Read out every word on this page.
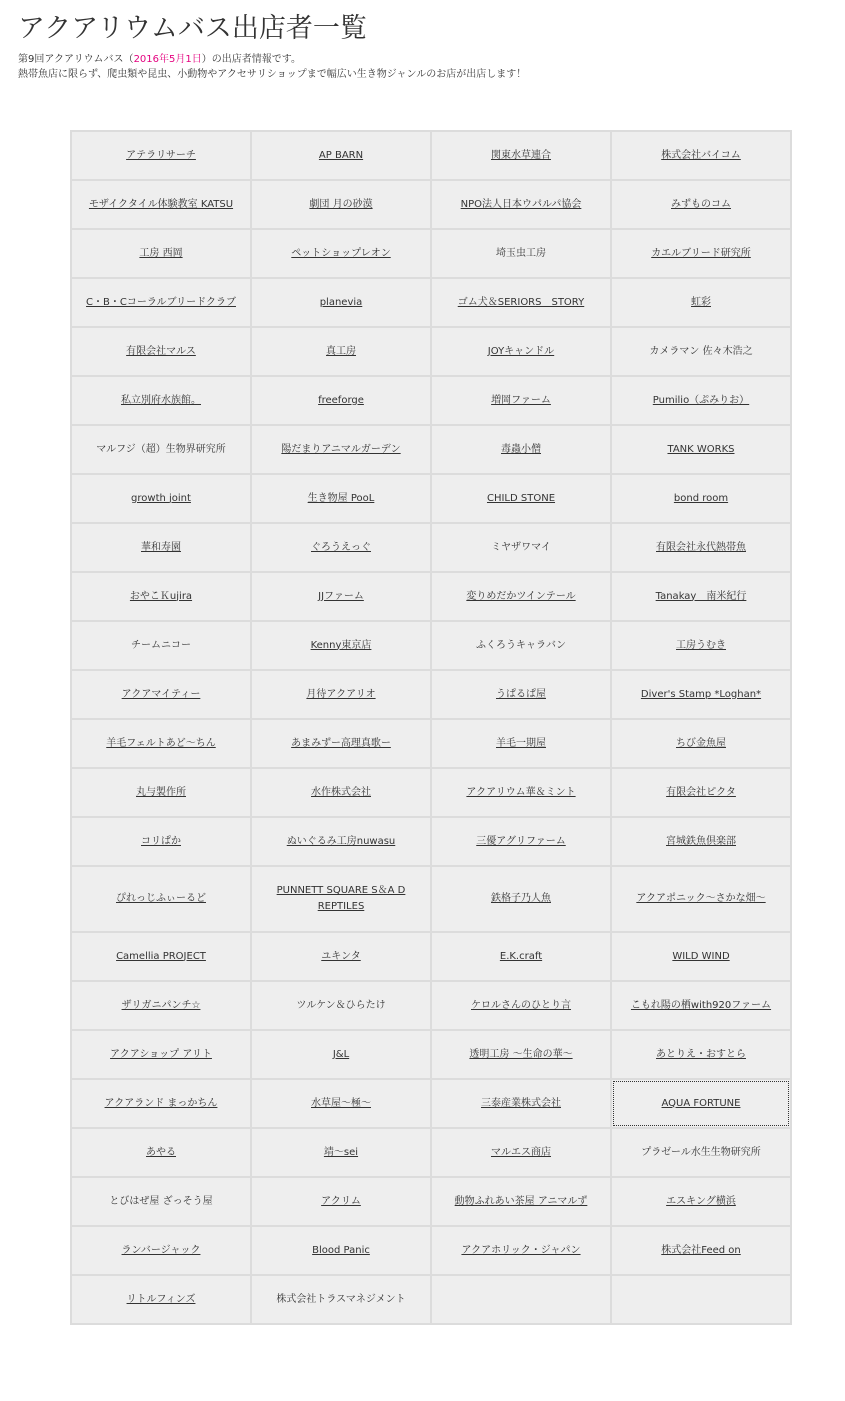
アクアリウムバス出店者一覧
第9回アクアリウムバス（2016年5月1日）の出店者情報です。
熱帯魚店に限らず、爬虫類や昆虫、小動物やアクセサリショップまで幅広い生き物ジャンルのお店が出店します！
アテラリサーチ	AP BARN	関東水草連合	株式会社バイコム
モザイクタイル体験教室 KATSU	劇団 月の砂漠	NPO法人日本ウパルパ協会	みずものコム
工房 西岡	ペットショップレオン	埼玉虫工房	カエルブリード研究所
C・B・Cコーラルブリードクラブ	planevia	ゴム犬＆SERIORS　STORY	虹彩
有限会社マルス	真工房	JOYキャンドル	カメラマン 佐々木浩之
私立別府水族館。	freeforge	増岡ファーム	Pumilio（ぷみりお）
マルフジ（超）生物界研究所	陽だまりアニマルガーデン	毒蟲小僧	TANK WORKS
growth joint	生き物屋 PooL	CHILD STONE	bond room
華和寿園	ぐろうえっぐ	ミヤザワマイ	有限会社永代熱帯魚
おやこＫujira	JJファーム	変りめだかツインテール	Tanakay　南米紀行
チームニコー	Kenny東京店	ふくろうキャラバン	工房うむき
アクアマイティー	月待アクアリオ	うぱるぱ屋	Diver's Stamp *Loghan*
羊毛フェルトあど～ちん	あまみずー高理真歌ー	羊毛一期屋	ちび金魚屋
丸与製作所	水作株式会社	アクアリウム華＆ミント	有限会社ピクタ
コリぱか	ぬいぐるみ工房nuwasu	三優アグリファーム	宮城鉄魚倶楽部
ぴれっじふぃーるど	PUNNETT SQUARE S＆A D REPTILES	鉄格子乃人魚	アクアポニック～さかな畑～
Camellia PROJECT	ユキンタ	E.K.craft	WILD WIND
ザリガニパンチ☆	ツルケン＆ひらたけ	ケロルさんのひとり言	こもれ陽の栖with920ファーム
アクアショップ アリト	J&L	透明工房 ～生命の華～	あとりえ・おすとら
アクアランド まっかちん	水草屋～極～	三泰産業株式会社	AQUA FORTUNE
あやる	靖～sei	マルエス商店	プラゼール水生生物研究所
とびはぜ屋 ざっそう屋	アクリム	動物ふれあい茶屋 アニマルず	エスキング横浜
ランバージャック	Blood Panic	アクアホリック・ジャパン	株式会社Feed on
リトルフィンズ	株式会社トラスマネジメント		
